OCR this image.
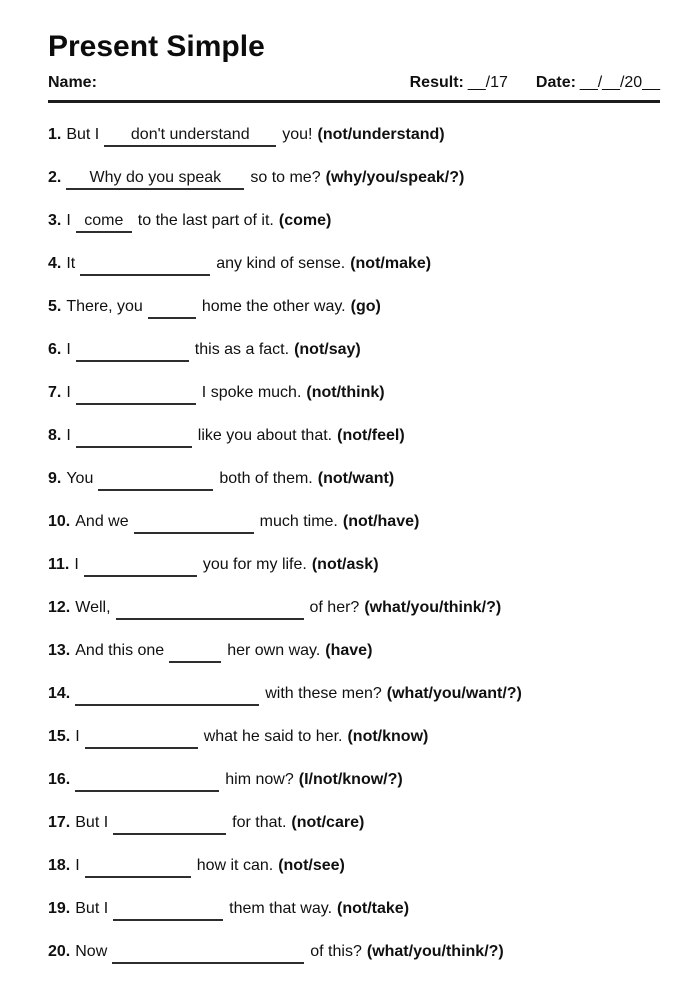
Present Simple
Name:	Result: __/17 Date: __/__/20__
1. But I don't understand you! (not/understand)
2. Why do you speak so to me? (why/you/speak/?)
3. I come to the last part of it. (come)
4. It	any kind of sense. (not/make)
5. There, you	home the other way. (go)
6. I	this as a fact. (not/say)
7. I	I spoke much. (not/think)
8. I	like you about that. (not/feel)
9. You	both of them. (not/want)
10. And we	much time. (not/have)
11. I	you for my life. (not/ask)
12. Well,	of her? (what/you/think/?)
13. And this one	her own way. (have)
14.	with these men? (what/you/want/?)
15. I	what he said to her. (not/know)
16.	him now? (I/not/know/?)
17. But I	for that. (not/care)
18. I	how it can. (not/see)
19. But I	them that way. (not/take)
20. Now	of this? (what/you/think/?)
